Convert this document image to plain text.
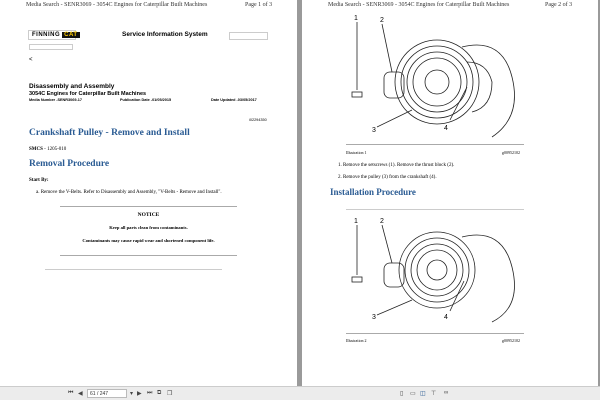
Media Search - SENR3069 - 3054C Engines for Caterpillar Built Machines	Page 1 of 3
FINNING CAT	Service Information System
<
Disassembly and Assembly
3054C Engines for Caterpillar Built Machines
Media Number -SENR3069-17	Publication Date -01/05/2015	Date Updated -03/05/2017
i02294350
Crankshaft Pulley - Remove and Install
SMCS - 1205-010
Removal Procedure
Start By:
a. Remove the V-Belts. Refer to Disassembly and Assembly, "V-Belts - Remove and Install".
NOTICE
Keep all parts clean from contaminants.
Contaminants may cause rapid wear and shortened component life.
Media Search - SENR3069 - 3054C Engines for Caterpillar Built Machines	Page 2 of 3
1	2
3	4
Illustration 1	g00952102
1. Remove the setscrews (1). Remove the thrust block (2).
2. Remove the pulley (3) from the crankshaft (4).
Installation Procedure
1	2
3	4
Illustration 2	g00952102
⏮ ◀	61 / 247	▾ ▶ ⏭ ⧉ ❐	▯ ▭ ◫ ⊤ ∞
